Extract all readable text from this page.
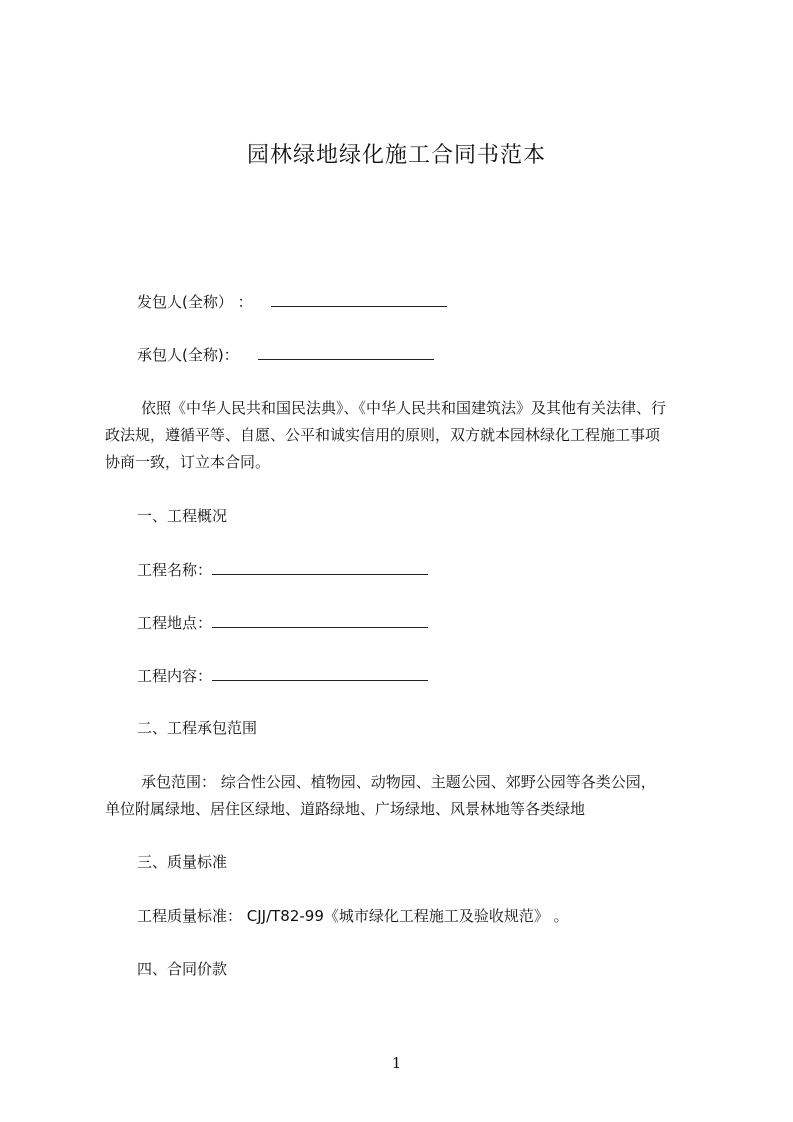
园林绿地绿化施工合同书范本
发包人(全称） ：
承包人(全称)：
依照《中华人民共和国民法典》、《中华人民共和国建筑法》及其他有关法律、行
政法规，遵循平等、自愿、公平和诚实信用的原则，双方就本园林绿化工程施工事项
协商一致，订立本合同。
一、工程概况
工程名称：
工程地点：
工程内容：
二、工程承包范围
承包范围： 综合性公园、植物园、动物园、主题公园、郊野公园等各类公园，
单位附属绿地、居住区绿地、道路绿地、广场绿地、风景林地等各类绿地
三、质量标准
工程质量标准： CJJ/T82-99《城市绿化工程施工及验收规范》 。
四、合同价款
1
